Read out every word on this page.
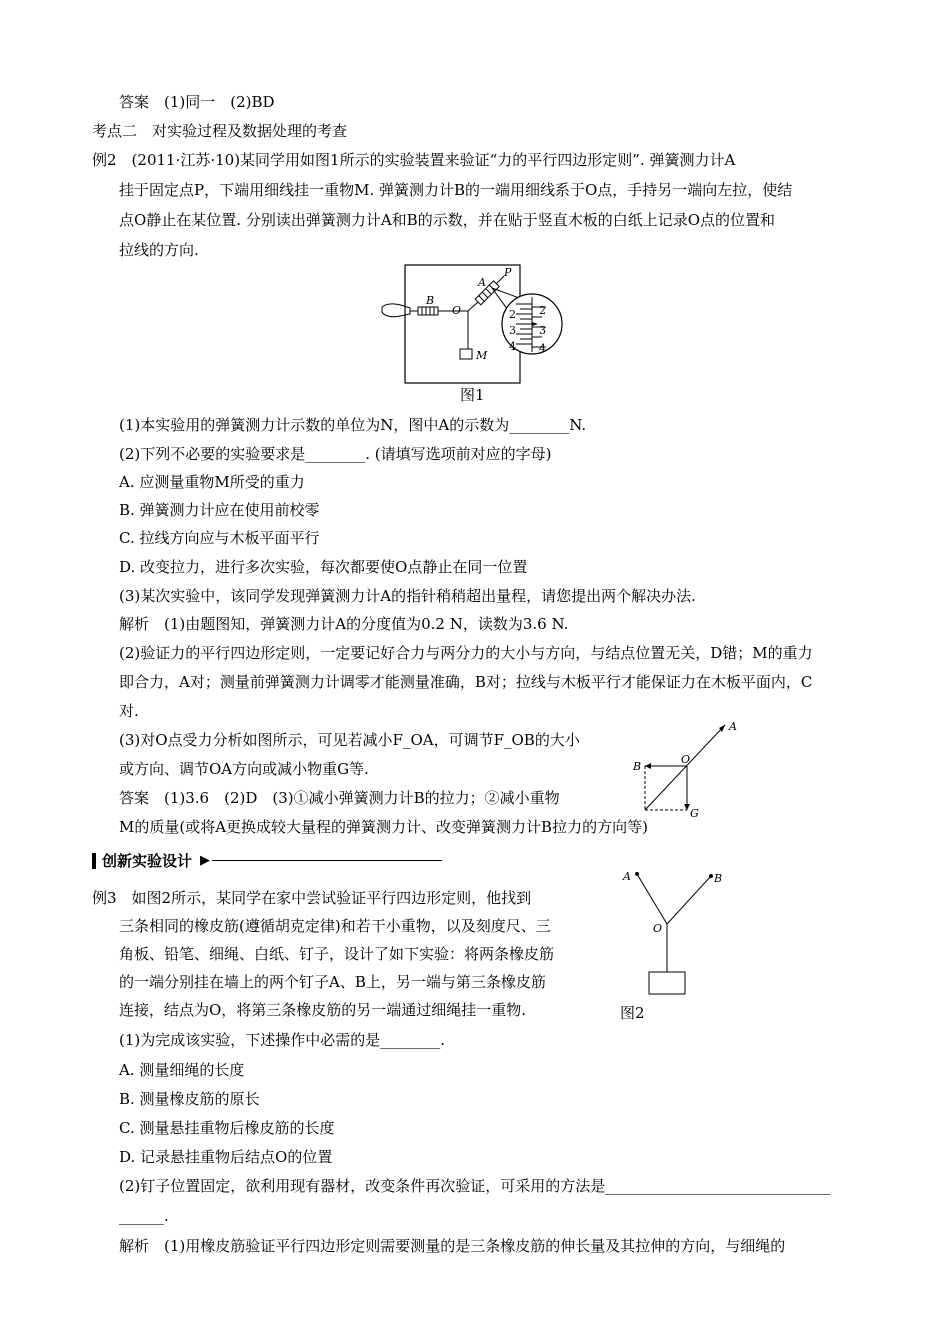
答案　(1)同一　(2)BD
考点二　对实验过程及数据处理的考查
例2　(2011·江苏·10)某同学用如图1所示的实验装置来验证“力的平行四边形定则”. 弹簧测力计A
挂于固定点P，下端用细线挂一重物M. 弹簧测力计B的一端用细线系于O点，手持另一端向左拉，使结
点O静止在某位置. 分别读出弹簧测力计A和B的示数，并在贴于竖直木板的白纸上记录O点的位置和
拉线的方向.
2
3
4
2
3
4
A
P
B
O
M
图1
(1)本实验用的弹簧测力计示数的单位为N，图中A的示数为________N.
(2)下列不必要的实验要求是________. (请填写选项前对应的字母)
A. 应测量重物M所受的重力
B. 弹簧测力计应在使用前校零
C. 拉线方向应与木板平面平行
D. 改变拉力，进行多次实验，每次都要使O点静止在同一位置
(3)某次实验中，该同学发现弹簧测力计A的指针稍稍超出量程，请您提出两个解决办法.
解析　(1)由题图知，弹簧测力计A的分度值为0.2 N，读数为3.6 N.
(2)验证力的平行四边形定则，一定要记好合力与两分力的大小与方向，与结点位置无关，D错；M的重力
即合力，A对；测量前弹簧测力计调零才能测量准确，B对；拉线与木板平行才能保证力在木板平面内，C
对.
(3)对O点受力分析如图所示，可见若减小F_OA，可调节F_OB的大小
或方向、调节OA方向或减小物重G等.
答案　(1)3.6　(2)D　(3)①减小弹簧测力计B的拉力；②减小重物
M的质量(或将A更换成较大量程的弹簧测力计、改变弹簧测力计B拉力的方向等)
A
B
O
G
创新实验设计 ▶
例3　如图2所示，某同学在家中尝试验证平行四边形定则，他找到
三条相同的橡皮筋(遵循胡克定律)和若干小重物，以及刻度尺、三
角板、铅笔、细绳、白纸、钉子，设计了如下实验：将两条橡皮筋
的一端分别挂在墙上的两个钉子A、B上，另一端与第三条橡皮筋
连接，结点为O，将第三条橡皮筋的另一端通过细绳挂一重物.
A	B
O
图2
(1)为完成该实验，下述操作中必需的是________.
A. 测量细绳的长度
B. 测量橡皮筋的原长
C. 测量悬挂重物后橡皮筋的长度
D. 记录悬挂重物后结点O的位置
(2)钉子位置固定，欲利用现有器材，改变条件再次验证，可采用的方法是______________________________
______.
解析　(1)用橡皮筋验证平行四边形定则需要测量的是三条橡皮筋的伸长量及其拉伸的方向，与细绳的
